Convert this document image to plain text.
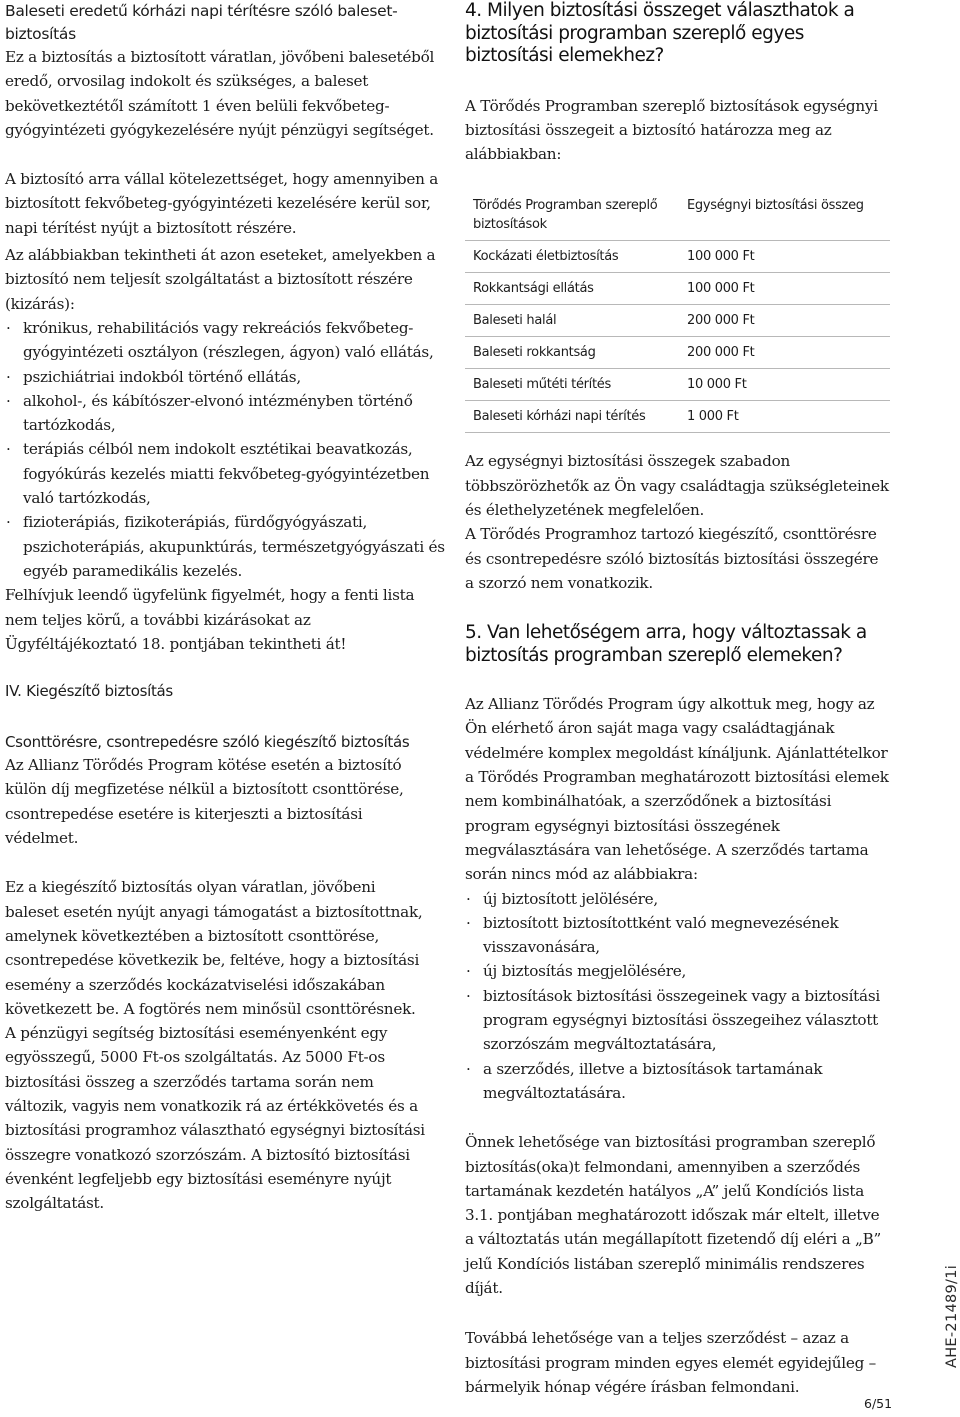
Baleseti eredetű kórházi napi térítésre szóló baleset-biztosítás

Ez a biztosítás a biztosított váratlan, jövőbeni balesetéből eredő, orvosilag indokolt és szükséges, a baleset bekövetkeztétől számított 1 éven belüli fekvőbeteg-gyógyintézeti gyógykezelésére nyújt pénzügyi segítséget.

A biztosító arra vállal kötelezettséget, hogy amennyiben a biztosított fekvőbeteg-gyógyintézeti kezelésére kerül sor, napi térítést nyújt a biztosított részére.

Az alábbiakban tekintheti át azon eseteket, amelyekben a biztosító nem teljesít szolgáltatást a biztosított részére (kizárás):

· krónikus, rehabilitációs vagy rekreációs fekvőbeteg-gyógyintézeti osztályon (részlegen, ágyon) való ellátás,
· pszichiátriai indokból történő ellátás,
· alkohol-, és kábítószer-elvonó intézményben történő tartózkodás,
· terápiás célból nem indokolt esztétikai beavatkozás, fogyókúrás kezelés miatti fekvőbeteg-gyógyintézetben való tartózkodás,
· fizioterápiás, fizikoterápiás, fürdőgyógyászati, pszichoterápiás, akupunktúrás, természetgyógyászati és egyéb paramedikális kezelés.

Felhívjuk leendő ügyfelünk figyelmét, hogy a fenti lista nem teljes körű, a további kizárásokat az Ügyféltájékoztató 18. pontjában tekintheti át!

IV. Kiegészítő biztosítás

Csonttörésre, csontrepedésre szóló kiegészítő biztosítás

Az Allianz Törődés Program kötése esetén a biztosító külön díj megfizetése nélkül a biztosított csonttörése, csontrepedése esetére is kiterjeszti a biztosítási védelmet.

Ez a kiegészítő biztosítás olyan váratlan, jövőbeni baleset esetén nyújt anyagi támogatást a biztosítottnak, amelynek következtében a biztosított csonttörése, csontrepedése következik be, feltéve, hogy a biztosítási esemény a szerződés kockázatviselési időszakában következett be. A fogtörés nem minősül csonttörésnek. A pénzügyi segítség biztosítási eseményenként egy egyösszegű, 5000 Ft-os szolgáltatás. Az 5000 Ft-os biztosítási összeg a szerződés tartama során nem változik, vagyis nem vonatkozik rá az értékkövetés és a biztosítási programhoz választható egységnyi biztosítási összegre vonatkozó szorzószám. A biztosító biztosítási évenként legfeljebb egy biztosítási eseményre nyújt szolgáltatást.

4. Milyen biztosítási összeget választhatok a biztosítási programban szereplő egyes biztosítási elemekhez?

A Törődés Programban szereplő biztosítások egységnyi biztosítási összegeit a biztosító határozza meg az alábbiakban:

Törődés Programban szereplő biztosítások	Egységnyi biztosítási összeg
Kockázati életbiztosítás	100 000 Ft
Rokkantsági ellátás	100 000 Ft
Baleseti halál	200 000 Ft
Baleseti rokkantság	200 000 Ft
Baleseti műtéti térítés	10 000 Ft
Baleseti kórházi napi térítés	1 000 Ft

Az egységnyi biztosítási összegek szabadon többszörözhetők az Ön vagy családtagja szükségleteinek és élethelyzetének megfelelően.

A Törődés Programhoz tartozó kiegészítő, csonttörésre és csontrepedésre szóló biztosítás biztosítási összegére a szorzó nem vonatkozik.

5. Van lehetőségem arra, hogy változtassak a biztosítás programban szereplő elemeken?

Az Allianz Törődés Program úgy alkottuk meg, hogy az Ön elérhető áron saját maga vagy családtagjának védelmére komplex megoldást kínáljunk. Ajánlattételkor a Törődés Programban meghatározott biztosítási elemek nem kombinálhatóak, a szerződőnek a biztosítási program egységnyi biztosítási összegének megválasztására van lehetősége. A szerződés tartama során nincs mód az alábbiakra:

· új biztosított jelölésére,
· biztosított biztosítottként való megnevezésének visszavonására,
· új biztosítás megjelölésére,
· biztosítások biztosítási összegeinek vagy a biztosítási program egységnyi biztosítási összegeihez választott szorzószám megváltoztatására,
· a szerződés, illetve a biztosítások tartamának megváltoztatására.

Önnek lehetősége van biztosítási programban szereplő biztosítás(oka)t felmondani, amennyiben a szerződés tartamának kezdetén hatályos „A” jelű Kondíciós lista 3.1. pontjában meghatározott időszak már eltelt, illetve a változtatás után megállapított fizetendő díj eléri a „B” jelű Kondíciós listában szereplő minimális rendszeres díját.

Továbbá lehetősége van a teljes szerződést – azaz a biztosítási program minden egyes elemét egyidejűleg – bármelyik hónap végére írásban felmondani.

AHE-21489/1i
6/51
